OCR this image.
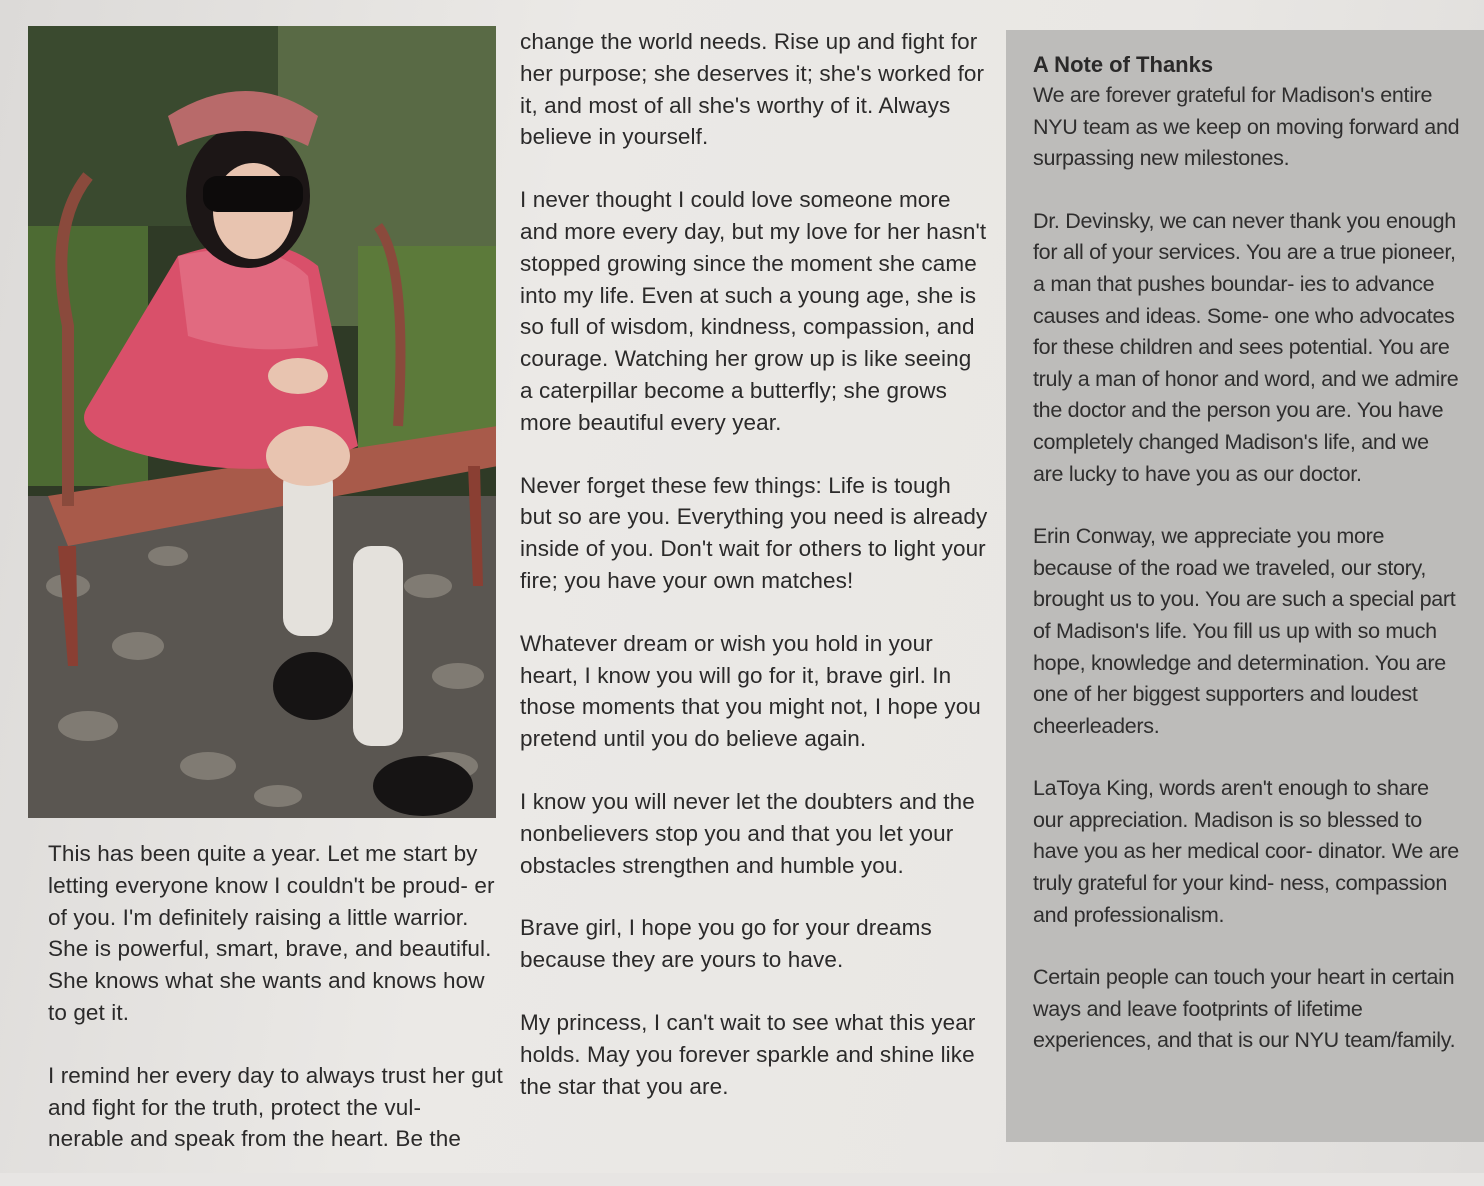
This has been quite a year. Let me start by letting everyone know I couldn't be proud- er of you. I'm definitely raising a little warrior. She is powerful, smart, brave, and beautiful. She knows what she wants and knows how to get it.

I remind her every day to always trust her gut and fight for the truth, protect the vul- nerable and speak from the heart. Be the

change the world needs. Rise up and fight for her purpose; she deserves it; she's worked for it, and most of all she's worthy of it. Always believe in yourself.

I never thought I could love someone more and more every day, but my love for her hasn't stopped growing since the moment she came into my life. Even at such a young age, she is so full of wisdom, kindness, compassion, and courage. Watching her grow up is like seeing a caterpillar become a butterfly; she grows more beautiful every year.

Never forget these few things: Life is tough but so are you. Everything you need is already inside of you. Don't wait for others to light your fire; you have your own matches!

Whatever dream or wish you hold in your heart, I know you will go for it, brave girl. In those moments that you might not, I hope you pretend until you do believe again.

I know you will never let the doubters and the nonbelievers stop you and that you let your obstacles strengthen and humble you.

Brave girl, I hope you go for your dreams because they are yours to have.

My princess, I can't wait to see what this year holds. May you forever sparkle and shine like the star that you are.

A Note of Thanks

We are forever grateful for Madison's entire NYU team as we keep on moving forward and surpassing new milestones.

Dr. Devinsky, we can never thank you enough for all of your services. You are a true pioneer, a man that pushes boundar- ies to advance causes and ideas. Some- one who advocates for these children and sees potential. You are truly a man of honor and word, and we admire the doctor and the person you are. You have completely changed Madison's life, and we are lucky to have you as our doctor.

Erin Conway, we appreciate you more because of the road we traveled, our story, brought us to you. You are such a special part of Madison's life. You fill us up with so much hope, knowledge and determination. You are one of her biggest supporters and loudest cheerleaders.

LaToya King, words aren't enough to share our appreciation. Madison is so blessed to have you as her medical coor- dinator. We are truly grateful for your kind- ness, compassion and professionalism.

Certain people can touch your heart in certain ways and leave footprints of lifetime experiences, and that is our NYU team/family.
